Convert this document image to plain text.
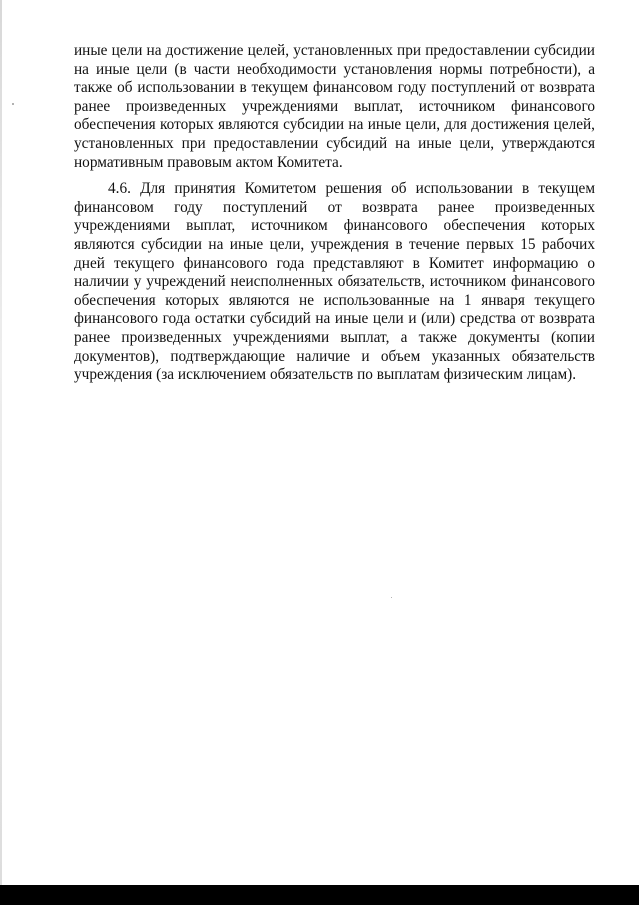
иные цели на достижение целей, установленных при предоставлении субсидии на иные цели (в части необходимости установления нормы потребности), а также об использовании в текущем финансовом году поступлений от возврата ранее произведенных учреждениями выплат, источником финансового обеспечения которых являются субсидии на иные цели, для достижения целей, установленных при предоставлении субсидий на иные цели, утверждаются нормативным правовым актом Комитета.

4.6. Для принятия Комитетом решения об использовании в текущем финансовом году поступлений от возврата ранее произведенных учреждениями выплат, источником финансового обеспечения которых являются субсидии на иные цели, учреждения в течение первых 15 рабочих дней текущего финансового года представляют в Комитет информацию о наличии у учреждений неисполненных обязательств, источником финансового обеспечения которых являются не использованные на 1 января текущего финансового года остатки субсидий на иные цели и (или) средства от возврата ранее произведенных учреждениями выплат, а также документы (копии документов), подтверждающие наличие и объем указанных обязательств учреждения (за исключением обязательств по выплатам физическим лицам).
